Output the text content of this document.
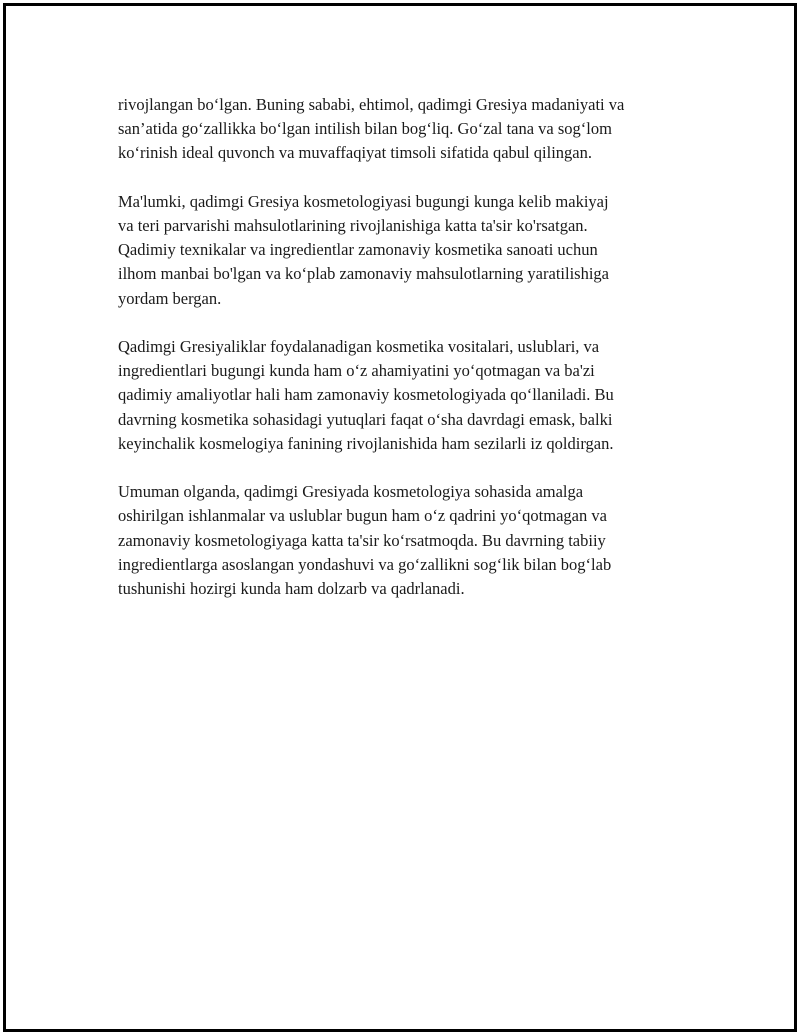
rivojlangan bo‘lgan. Buning sababi, ehtimol, qadimgi Gresiya madaniyati va
san’atida go‘zallikka bo‘lgan intilish bilan bog‘liq. Go‘zal tana va sog‘lom
ko‘rinish ideal quvonch va muvaffaqiyat timsoli sifatida qabul qilingan.

Ma'lumki, qadimgi Gresiya kosmetologiyasi bugungi kunga kelib makiyaj
va teri parvarishi mahsulotlarining rivojlanishiga katta ta'sir ko'rsatgan.
Qadimiy texnikalar va ingredientlar zamonaviy kosmetika sanoati uchun
ilhom manbai bo'lgan va ko‘plab zamonaviy mahsulotlarning yaratilishiga
yordam bergan.

Qadimgi Gresiyaliklar foydalanadigan kosmetika vositalari, uslublari, va
ingredientlari bugungi kunda ham o‘z ahamiyatini yo‘qotmagan va ba'zi
qadimiy amaliyotlar hali ham zamonaviy kosmetologiyada qo‘llaniladi. Bu
davrning kosmetika sohasidagi yutuqlari faqat o‘sha davrdagi emask, balki
keyinchalik kosmelogiya fanining rivojlanishida ham sezilarli iz qoldirgan.

Umuman olganda, qadimgi Gresiyada kosmetologiya sohasida amalga
oshirilgan ishlanmalar va uslublar bugun ham o‘z qadrini yo‘qotmagan va
zamonaviy kosmetologiyaga katta ta'sir ko‘rsatmoqda. Bu davrning tabiiy
ingredientlarga asoslangan yondashuvi va go‘zallikni sog‘lik bilan bog‘lab
tushunishi hozirgi kunda ham dolzarb va qadrlanadi.
